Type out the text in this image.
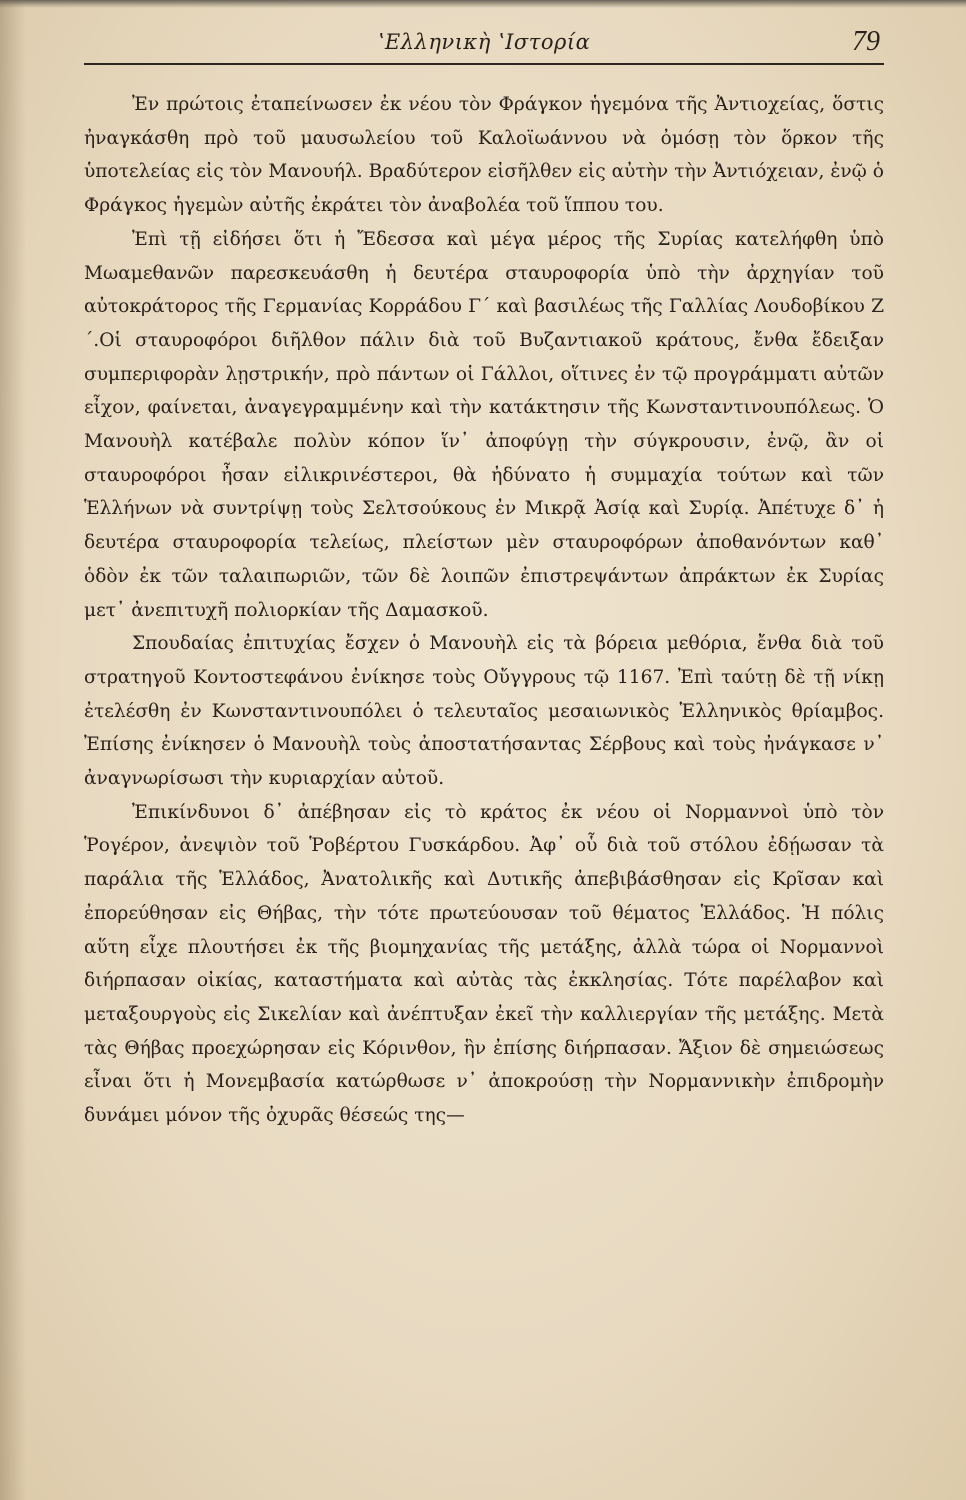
ʽΕλληνικὴ ʽΙστορία	79

Ἐν πρώτοις ἐταπείνωσεν ἐκ νέου τὸν Φράγκον ἡγεμόνα τῆς Ἀντιοχείας, ὅστις ἠναγκάσθη πρὸ τοῦ μαυσωλείου τοῦ Καλοϊωάννου νὰ ὀμόσῃ τὸν ὅρκον τῆς ὑποτελείας εἰς τὸν Μανουήλ. Βραδύτερον εἰσῆλθεν εἰς αὐτὴν τὴν Ἀντιόχειαν, ἐνῷ ὁ Φράγκος ἡγεμὼν αὐτῆς ἐκράτει τὸν ἀναβολέα τοῦ ἵππου του.

Ἐπὶ τῇ εἰδήσει ὅτι ἡ Ἔδεσσα καὶ μέγα μέρος τῆς Συρίας κατελήφθη ὑπὸ Μωαμεθανῶν παρεσκευάσθη ἡ δευτέρα σταυροφορία ὑπὸ τὴν ἀρχηγίαν τοῦ αὐτοκράτορος τῆς Γερμανίας Κορράδου Γ´ καὶ βασιλέως τῆς Γαλλίας Λουδοβίκου Ζ´.Οἱ σταυροφόροι διῆλθον πάλιν διὰ τοῦ Βυζαντιακοῦ κράτους, ἔνθα ἔδειξαν συμπεριφορὰν λῃστρικήν, πρὸ πάντων οἱ Γάλλοι, οἵτινες ἐν τῷ προγράμματι αὐτῶν εἶχον, φαίνεται, ἀναγεγραμμένην καὶ τὴν κατάκτησιν τῆς Κωνσταντινουπόλεως. Ὁ Μανουὴλ κατέβαλε πολὺν κόπον ἵν᾿ ἀποφύγῃ τὴν σύγκρουσιν, ἐνῷ, ἂν οἱ σταυροφόροι ἦσαν εἰλικρινέστεροι, θὰ ἠδύνατο ἡ συμμαχία τούτων καὶ τῶν Ἑλλήνων νὰ συντρίψῃ τοὺς Σελτσούκους ἐν Μικρᾷ Ἀσίᾳ καὶ Συρίᾳ. Ἀπέτυχε δ᾿ ἡ δευτέρα σταυροφορία τελείως, πλείστων μὲν σταυροφόρων ἀποθανόντων καθ᾿ ὁδὸν ἐκ τῶν ταλαιπωριῶν, τῶν δὲ λοιπῶν ἐπιστρεψάντων ἀπράκτων ἐκ Συρίας μετ᾿ ἀνεπιτυχῆ πολιορκίαν τῆς Δαμασκοῦ.

Σπουδαίας ἐπιτυχίας ἔσχεν ὁ Μανουὴλ εἰς τὰ βόρεια μεθόρια, ἔνθα διὰ τοῦ στρατηγοῦ Κοντοστεφάνου ἐνίκησε τοὺς Οὔγγρους τῷ 1167. Ἐπὶ ταύτῃ δὲ τῇ νίκῃ ἐτελέσθη ἐν Κωνσταντινουπόλει ὁ τελευταῖος μεσαιωνικὸς Ἑλληνικὸς θρίαμβος. Ἐπίσης ἐνίκησεν ὁ Μανουὴλ τοὺς ἀποστατήσαντας Σέρβους καὶ τοὺς ἠνάγκασε ν᾿ ἀναγνωρίσωσι τὴν κυριαρχίαν αὐτοῦ.

Ἐπικίνδυνοι δ᾿ ἀπέβησαν εἰς τὸ κράτος ἐκ νέου οἱ Νορμαννοὶ ὑπὸ τὸν Ῥογέρον, ἀνεψιὸν τοῦ Ῥοβέρτου Γυσκάρδου. Ἀφ᾿ οὗ διὰ τοῦ στόλου ἐδῄωσαν τὰ παράλια τῆς Ἑλλάδος, Ἀνατολικῆς καὶ Δυτικῆς ἀπεβιβάσθησαν εἰς Κρῖσαν καὶ ἐπορεύθησαν εἰς Θήβας, τὴν τότε πρωτεύουσαν τοῦ θέματος Ἑλλάδος. Ἡ πόλις αὕτη εἶχε πλουτήσει ἐκ τῆς βιομηχανίας τῆς μετάξης, ἀλλὰ τώρα οἱ Νορμαννοὶ διήρπασαν οἰκίας, καταστήματα καὶ αὐτὰς τὰς ἐκκλησίας. Τότε παρέλαβον καὶ μεταξουργοὺς εἰς Σικελίαν καὶ ἀνέπτυξαν ἐκεῖ τὴν καλλιεργίαν τῆς μετάξης. Μετὰ τὰς Θήβας προεχώρησαν εἰς Κόρινθον, ἣν ἐπίσης διήρπασαν. Ἄξιον δὲ σημειώσεως εἶναι ὅτι ἡ Μονεμβασία κατώρθωσε ν᾿ ἀποκρούσῃ τὴν Νορμαννικὴν ἐπιδρομὴν δυνάμει μόνον τῆς ὀχυρᾶς θέσεώς της—
